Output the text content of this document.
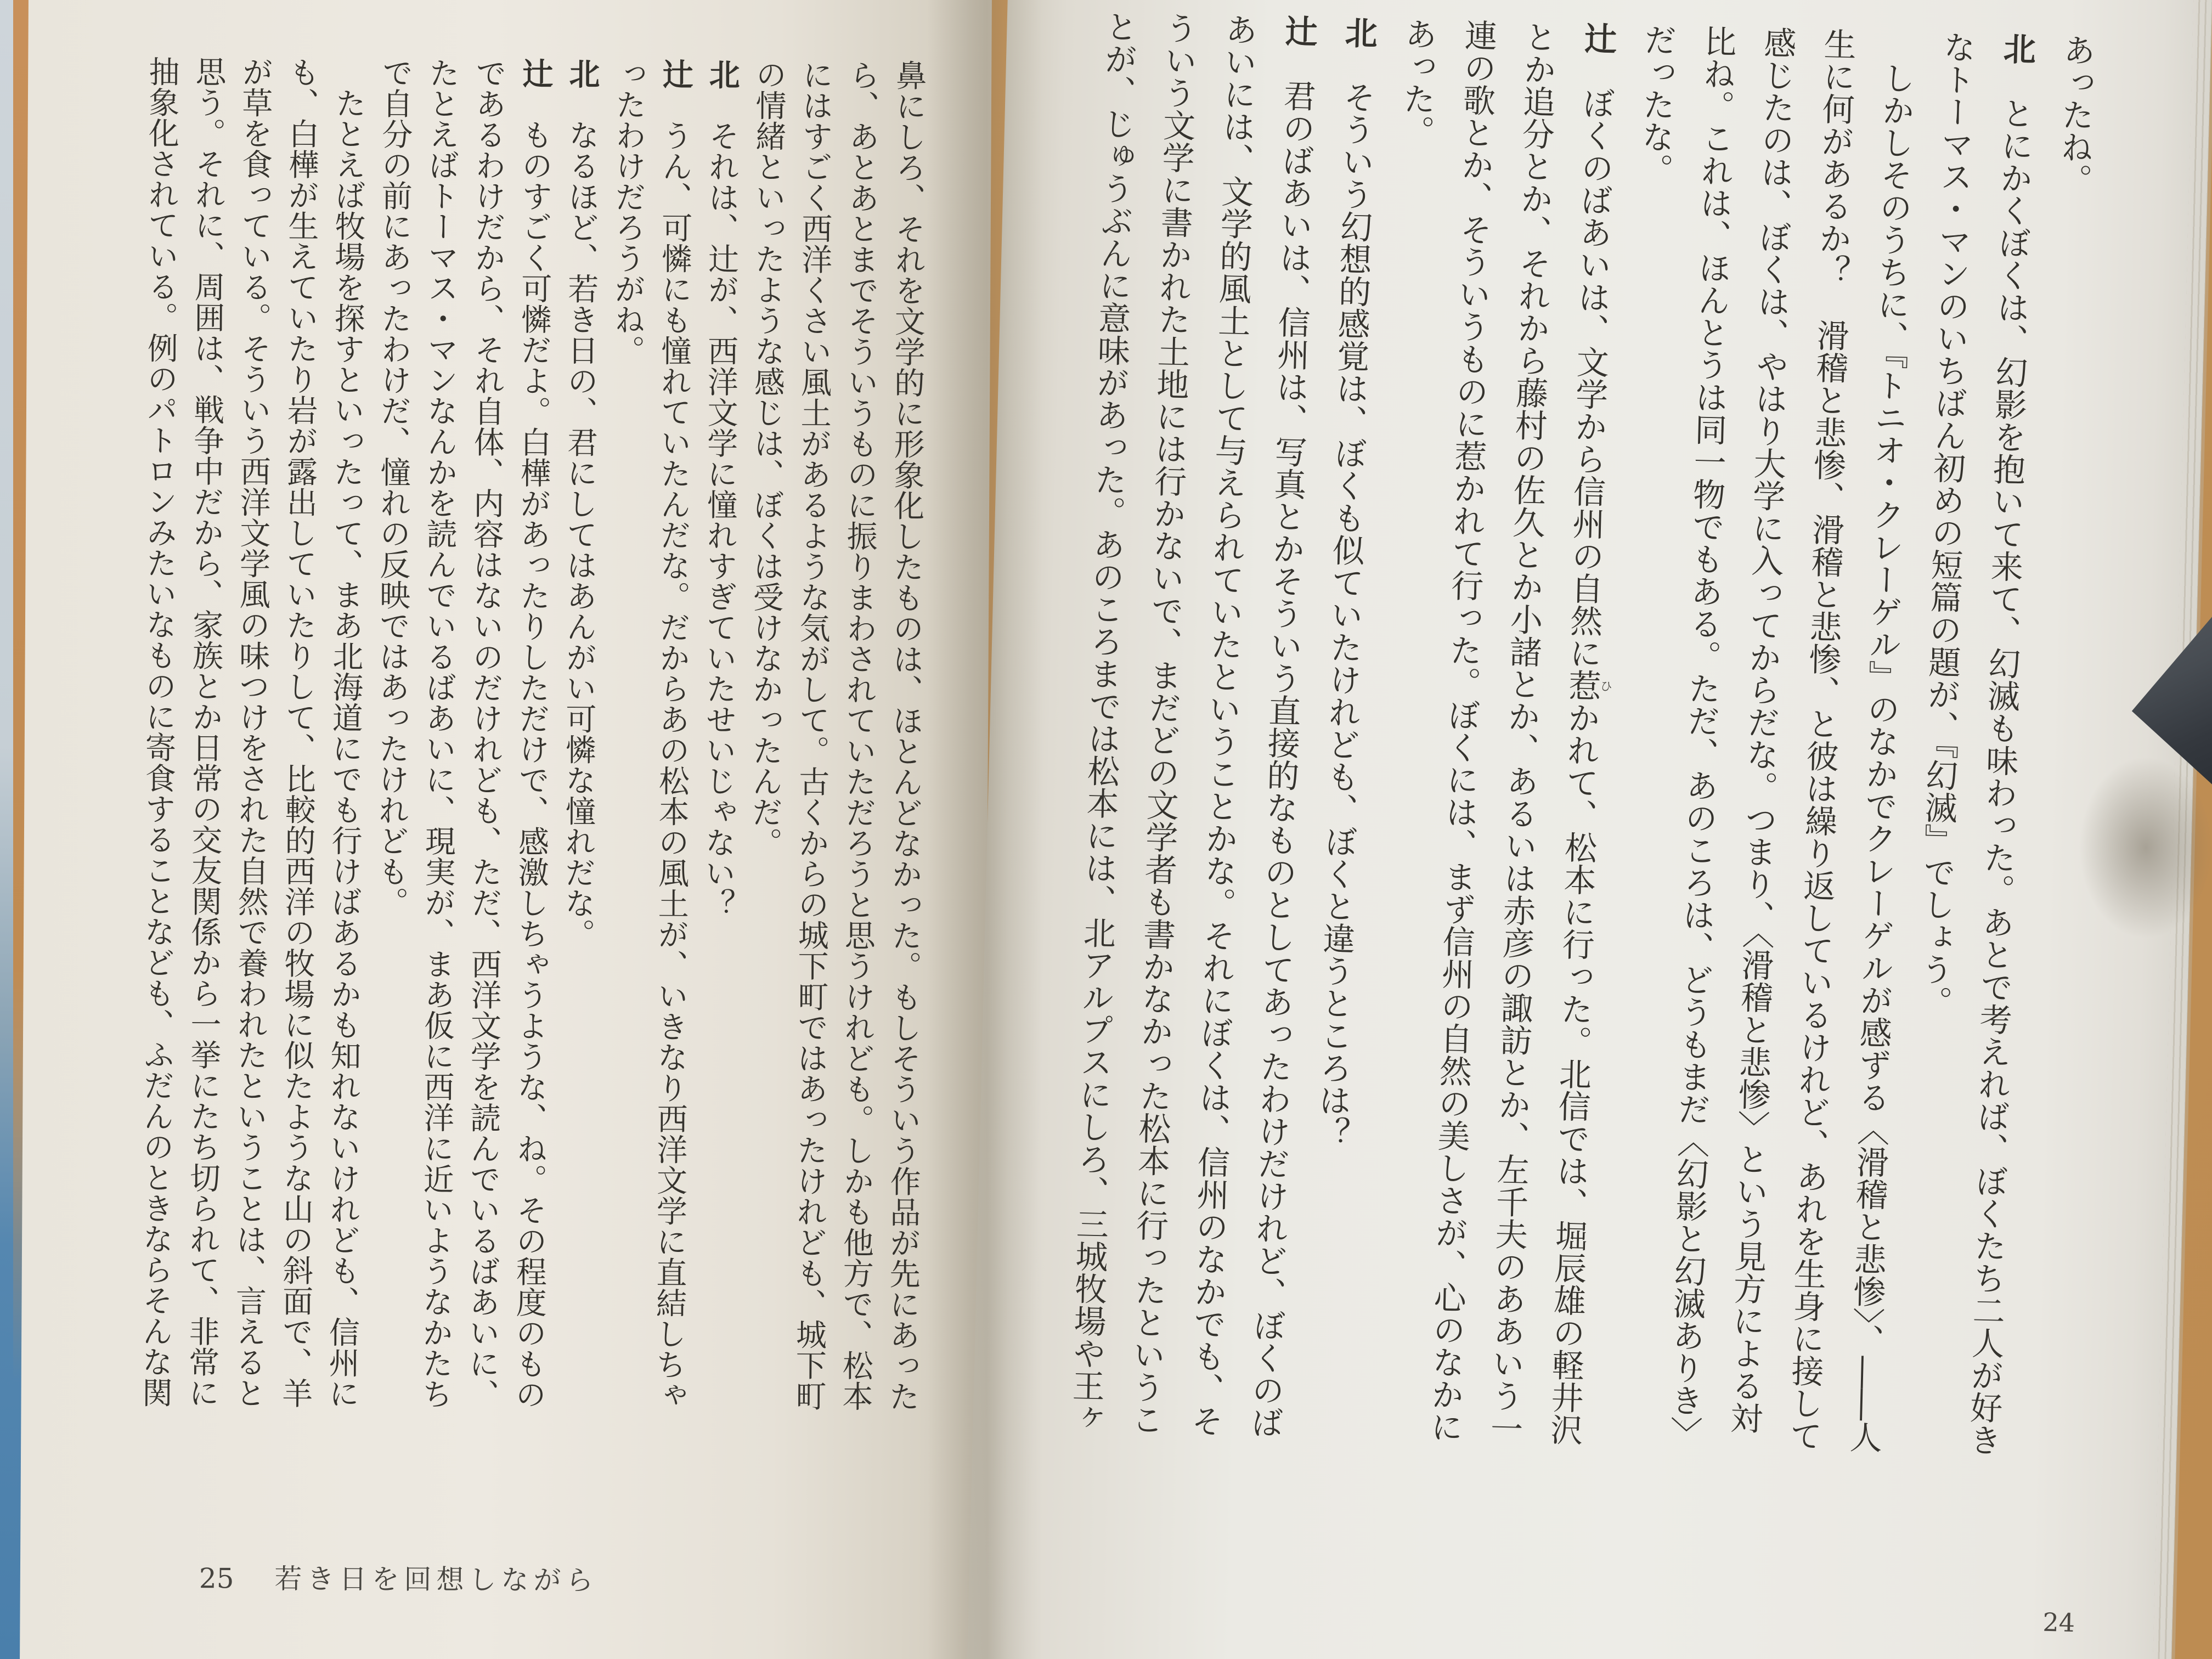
鼻にしろ、それを文学的に形象化したものは、ほとんどなかった。もしそういう作品が先にあったら、あとあとまでそういうものに振りまわされていただろうと思うけれども。しかも他方で、松本にはすごく西洋くさい風土があるような気がして。古くからの城下町ではあったけれども、城下町の情緒といったような感じは、ぼくは受けなかったんだ。

北　それは、辻が、西洋文学に憧れすぎていたせいじゃない？

辻　うん、可憐にも憧れていたんだな。だからあの松本の風土が、いきなり西洋文学に直結しちゃったわけだろうがね。

北　なるほど、若き日の、君にしてはあんがい可憐な憧れだな。

辻　ものすごく可憐だよ。白樺があったりしただけで、感激しちゃうような、ね。その程度のものであるわけだから、それ自体、内容はないのだけれども、ただ、西洋文学を読んでいるばあいに、たとえばトーマス・マンなんかを読んでいるばあいに、現実が、まあ仮に西洋に近いようなかたちで自分の前にあったわけだ、憧れの反映ではあったけれども。

　たとえば牧場を探すといったって、まあ北海道にでも行けばあるかも知れないけれども、信州にも、白樺が生えていたり岩が露出していたりして、比較的西洋の牧場に似たような山の斜面で、羊が草を食っている。そういう西洋文学風の味つけをされた自然で養われたということは、言えると思う。それに、周囲は、戦争中だから、家族とか日常の交友関係から一挙にたち切られて、非常に抽象化されている。例のパトロンみたいなものに寄食することなども、ふだんのときならそんな関

25 若き日を回想しながら

あったね。

北　とにかくぼくは、幻影を抱いて来て、幻滅も味わった。あとで考えれば、ぼくたち二人が好きなトーマス・マンのいちばん初めの短篇の題が、『幻滅』でしょう。

　しかしそのうちに、『トニオ・クレーゲル』のなかでクレーゲルが感ずる〈滑稽と悲惨〉、――人生に何があるか？　滑稽と悲惨、滑稽と悲惨、と彼は繰り返しているけれど、あれを生身に接して感じたのは、ぼくは、やはり大学に入ってからだな。つまり、〈滑稽と悲惨〉という見方による対比ね。これは、ほんとうは同一物でもある。ただ、あのころは、どうもまだ〈幻影と幻滅ありき〉だったな。

辻　ぼくのばあいは、文学から信州の自然に惹ひかれて、松本に行った。北信では、堀辰雄の軽井沢とか追分とか、それから藤村の佐久とか小諸とか、あるいは赤彦の諏訪とか、左千夫のああいう一連の歌とか、そういうものに惹かれて行った。ぼくには、まず信州の自然の美しさが、心のなかにあった。

北　そういう幻想的感覚は、ぼくも似ていたけれども、ぼくと違うところは？

辻　君のばあいは、信州は、写真とかそういう直接的なものとしてあったわけだけれど、ぼくのばあいには、文学的風土として与えられていたということかな。それにぼくは、信州のなかでも、そういう文学に書かれた土地には行かないで、まだどの文学者も書かなかった松本に行ったということが、じゅうぶんに意味があった。あのころまでは松本には、北アルプスにしろ、三城牧場や王ヶ

24
